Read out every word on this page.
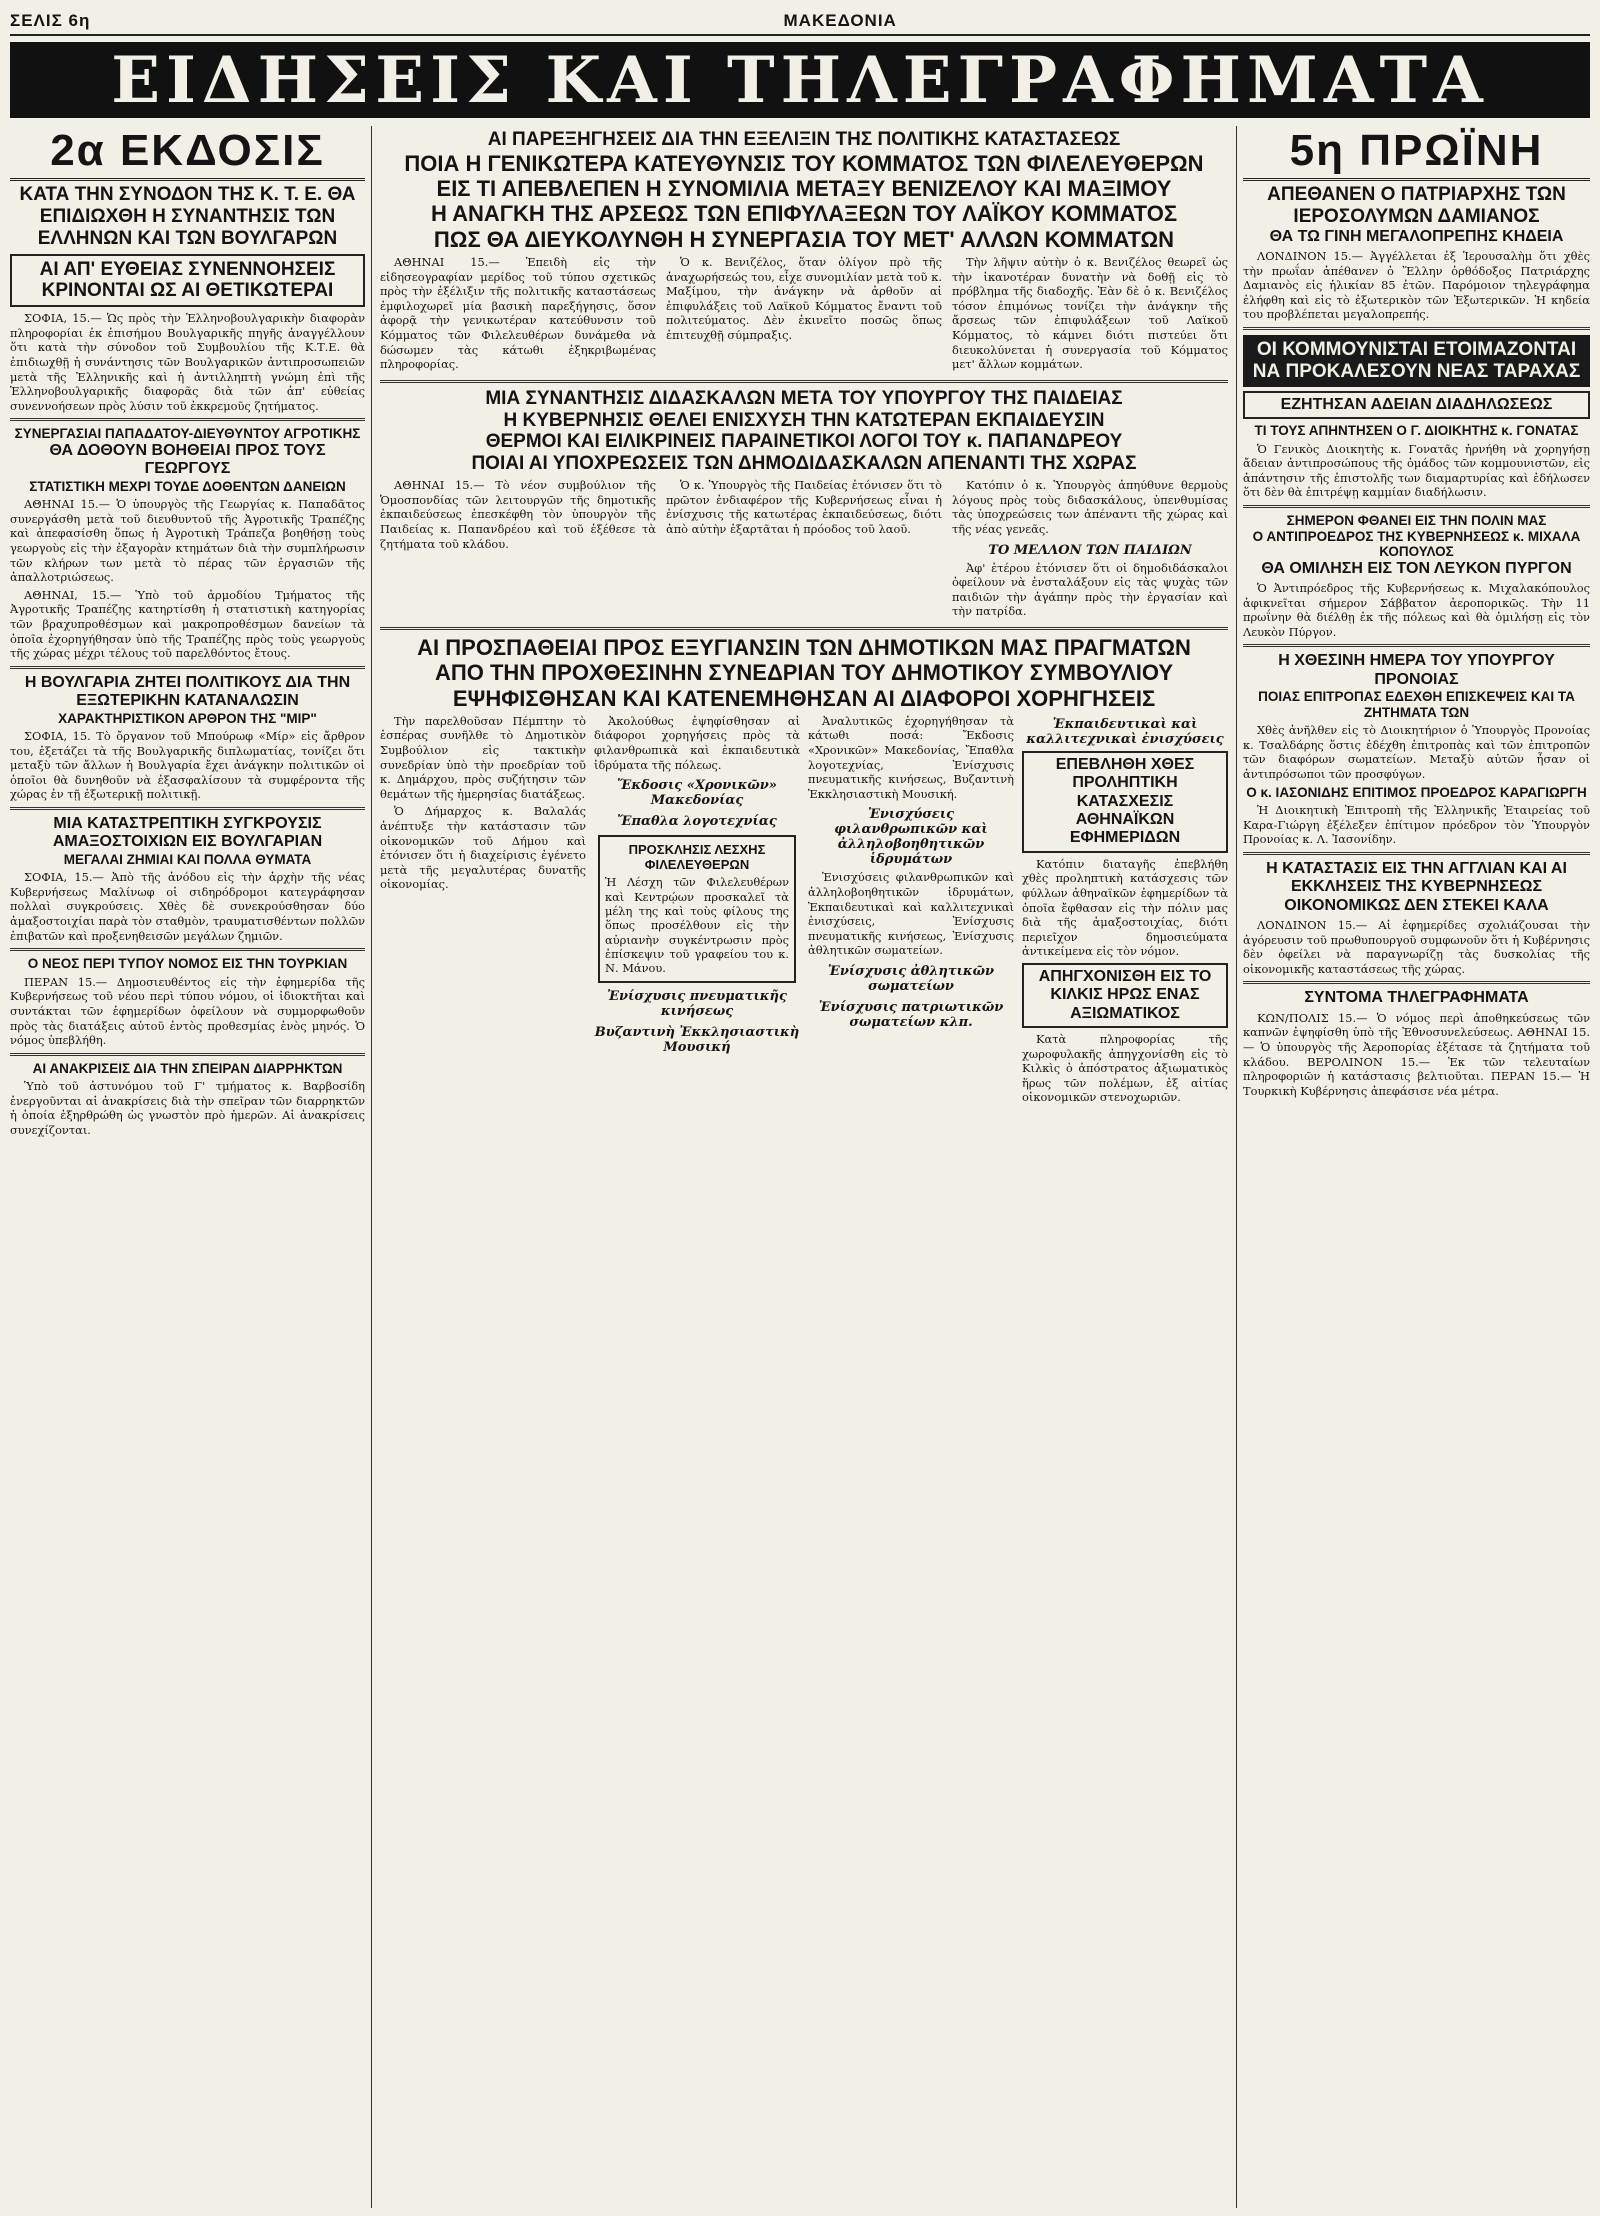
ΣΕΛΙΣ 6η	ΜΑΚΕΔΟΝΙΑ
ΕΙΔΗΣΕΙΣ ΚΑΙ ΤΗΛΕΓΡΑΦΗΜΑΤΑ
2α ΕΚΔΟΣΙΣ
ΚΑΤΑ ΤΗΝ ΣΥΝΟΔΟΝ ΤΗΣ Κ. Τ. Ε. ΘΑ ΕΠΙΔΙΩΧΘΗ Η ΣΥΝΑΝΤΗΣΙΣ ΤΩΝ ΕΛΛΗΝΩΝ ΚΑΙ ΤΩΝ ΒΟΥΛΓΑΡΩΝ
ΑΙ ΑΠ' ΕΥΘΕΙΑΣ ΣΥΝΕΝΝΟΗΣΕΙΣ ΚΡΙΝΟΝΤΑΙ ΩΣ ΑΙ ΘΕΤΙΚΩΤΕΡΑΙ

ΣΟΦΙΑ, 15.— Ὡς πρὸς τὴν Ἑλληνοβουλγαρικὴν διαφορὰν πληροφορίαι ἐκ ἐπισήμου Βουλγαρικῆς πηγῆς ἀναγγέλλουν ὅτι κατὰ τὴν σύνοδον τοῦ Συμβουλίου τῆς Κ.Τ.Ε. θὰ ἐπιδιωχθῇ ἡ συνάντησις τῶν Βουλγαρικῶν ἀντιπροσωπειῶν μετὰ τῆς Ἑλληνικῆς καὶ ἡ ἀντιλληπτὴ γνώμη ἐπὶ τῆς Ἑλληνοβουλγαρικῆς διαφορᾶς διὰ τῶν ἀπ' εὐθείας συνεννοήσεων πρὸς λύσιν τοῦ ἐκκρεμοῦς ζητήματος.

ΣΥΝΕΡΓΑΣΙΑΙ ΠΑΠΑΔΑΤΟΥ-ΔΙΕΥΘΥΝΤΟΥ ΑΓΡΟΤΙΚΗΣ
ΘΑ ΔΟΘΟΥΝ ΒΟΗΘΕΙΑΙ ΠΡΟΣ ΤΟΥΣ ΓΕΩΡΓΟΥΣ
ΣΤΑΤΙΣΤΙΚΗ ΜΕΧΡΙ ΤΟΥΔΕ ΔΟΘΕΝΤΩΝ ΔΑΝΕΙΩΝ

ΑΘΗΝΑΙ 15.— Ὁ ὑπουργὸς τῆς Γεωργίας κ. Παπαδᾶτος συνεργάσθη μετὰ τοῦ διευθυντοῦ τῆς Ἀγροτικῆς Τραπέζης καὶ ἀπεφασίσθη ὅπως ἡ Ἀγροτικὴ Τράπεζα βοηθήσῃ τοὺς γεωργοὺς εἰς τὴν ἐξαγορὰν κτημάτων διὰ τὴν συμπλήρωσιν τῶν κλήρων των μετὰ τὸ πέρας τῶν ἐργασιῶν τῆς ἀπαλλοτριώσεως.

ΑΘΗΝΑΙ, 15.— Ὑπὸ τοῦ ἀρμοδίου Τμήματος τῆς Ἀγροτικῆς Τραπέζης κατηρτίσθη ἡ στατιστικὴ κατηγορίας τῶν βραχυπροθέσμων καὶ μακροπροθέσμων δανείων τὰ ὁποῖα ἐχορηγήθησαν ὑπὸ τῆς Τραπέζης πρὸς τοὺς γεωργοὺς τῆς χώρας μέχρι τέλους τοῦ παρελθόντος ἔτους.

Η ΒΟΥΛΓΑΡΙΑ ΖΗΤΕΙ ΠΟΛΙΤΙΚΟΥΣ ΔΙΑ ΤΗΝ ΕΞΩΤΕΡΙΚΗΝ ΚΑΤΑΝΑΛΩΣΙΝ
ΧΑΡΑΚΤΗΡΙΣΤΙΚΟΝ ΑΡΘΡΟΝ ΤΗΣ "ΜΙΡ"

ΣΟΦΙΑ, 15. Τὸ ὄργανον τοῦ Μπούρωφ «Μίρ» εἰς ἄρθρον του, ἐξετάζει τὰ τῆς Βουλγαρικῆς διπλωματίας, τονίζει ὅτι μεταξὺ τῶν ἄλλων ἡ Βουλγαρία ἔχει ἀνάγκην πολιτικῶν οἱ ὁποῖοι θὰ δυνηθοῦν νὰ ἐξασφαλίσουν τὰ συμφέροντα τῆς χώρας ἐν τῇ ἐξωτερικῇ πολιτικῇ.

ΜΙΑ ΚΑΤΑΣΤΡΕΠΤΙΚΗ ΣΥΓΚΡΟΥΣΙΣ ΑΜΑΞΟΣΤΟΙΧΙΩΝ ΕΙΣ ΒΟΥΛΓΑΡΙΑΝ
ΜΕΓΑΛΑΙ ΖΗΜΙΑΙ ΚΑΙ ΠΟΛΛΑ ΘΥΜΑΤΑ

ΣΟΦΙΑ, 15.— Ἀπὸ τῆς ἀνόδου εἰς τὴν ἀρχὴν τῆς νέας Κυβερνήσεως Μαλίνωφ οἱ σιδηρόδρομοι κατεγράφησαν πολλαὶ συγκρούσεις. Χθὲς δὲ συνεκρούσθησαν δύο ἁμαξοστοιχίαι παρὰ τὸν σταθμὸν, τραυματισθέντων πολλῶν ἐπιβατῶν καὶ προξενηθεισῶν μεγάλων ζημιῶν.

Ο ΝΕΟΣ ΠΕΡΙ ΤΥΠΟΥ ΝΟΜΟΣ ΕΙΣ ΤΗΝ ΤΟΥΡΚΙΑΝ

ΠΕΡΑΝ 15.— Δημοσιευθέντος εἰς τὴν ἐφημερίδα τῆς Κυβερνήσεως τοῦ νέου περὶ τύπου νόμου, οἱ ἰδιοκτῆται καὶ συντάκται τῶν ἐφημερίδων ὀφείλουν νὰ συμμορφωθοῦν πρὸς τὰς διατάξεις αὐτοῦ ἐντὸς προθεσμίας ἑνὸς μηνός. Ὁ νόμος ὑπεβλήθη.

ΑΙ ΑΝΑΚΡΙΣΕΙΣ ΔΙΑ ΤΗΝ ΣΠΕΙΡΑΝ ΔΙΑΡΡΗΚΤΩΝ

Ὑπὸ τοῦ ἀστυνόμου τοῦ Γ' τμήματος κ. Βαρβοσίδη ἐνεργοῦνται αἱ ἀνακρίσεις διὰ τὴν σπεῖραν τῶν διαρρηκτῶν ἡ ὁποία ἐξηρθρώθη ὡς γνωστὸν πρὸ ἡμερῶν. Αἱ ἀνακρίσεις συνεχίζονται.

ΑΙ ΠΑΡΕΞΗΓΗΣΕΙΣ ΔΙΑ ΤΗΝ ΕΞΕΛΙΞΙΝ ΤΗΣ ΠΟΛΙΤΙΚΗΣ ΚΑΤΑΣΤΑΣΕΩΣ
ΠΟΙΑ Η ΓΕΝΙΚΩΤΕΡΑ ΚΑΤΕΥΘΥΝΣΙΣ ΤΟΥ ΚΟΜΜΑΤΟΣ ΤΩΝ ΦΙΛΕΛΕΥΘΕΡΩΝ
ΕΙΣ ΤΙ ΑΠΕΒΛΕΠΕΝ Η ΣΥΝΟΜΙΛΙΑ ΜΕΤΑΞΥ ΒΕΝΙΖΕΛΟΥ ΚΑΙ ΜΑΞΙΜΟΥ
Η ΑΝΑΓΚΗ ΤΗΣ ΑΡΣΕΩΣ ΤΩΝ ΕΠΙΦΥΛΑΞΕΩΝ ΤΟΥ ΛΑΪΚΟΥ ΚΟΜΜΑΤΟΣ
ΠΩΣ ΘΑ ΔΙΕΥΚΟΛΥΝΘΗ Η ΣΥΝΕΡΓΑΣΙΑ ΤΟΥ ΜΕΤ' ΑΛΛΩΝ ΚΟΜΜΑΤΩΝ

ΑΘΗΝΑΙ 15.— Ἐπειδὴ εἰς τὴν εἰδησεογραφίαν μερίδος τοῦ τύπου σχετικῶς πρὸς τὴν ἐξέλιξιν τῆς πολιτικῆς καταστάσεως ἐμφιλοχωρεῖ μία βασικὴ παρεξήγησις, ὅσον ἀφορᾷ τὴν γενικωτέραν κατεύθυνσιν τοῦ Κόμματος τῶν Φιλελευθέρων δυνάμεθα νὰ δώσωμεν τὰς κάτωθι ἐξηκριβωμένας πληροφορίας.

Ὁ κ. Βενιζέλος, ὅταν ὀλίγον πρὸ τῆς ἀναχωρήσεώς του, εἶχε συνομιλίαν μετὰ τοῦ κ. Μαξίμου, τὴν ἀνάγκην νὰ ἀρθοῦν αἱ ἐπιφυλάξεις τοῦ Λαϊκοῦ Κόμματος ἔναντι τοῦ πολιτεύματος. Δὲν ἐκινεῖτο ποσῶς ὅπως ἐπιτευχθῇ σύμπραξις.

Τὴν λῆψιν αὐτὴν ὁ κ. Βενιζέλος θεωρεῖ ὡς τὴν ἱκανοτέραν δυνατὴν νὰ δοθῇ εἰς τὸ πρόβλημα τῆς διαδοχῆς. Ἐὰν δὲ ὁ κ. Βενιζέλος τόσον ἐπιμόνως τονίζει τὴν ἀνάγκην τῆς ἄρσεως τῶν ἐπιφυλάξεων τοῦ Λαϊκοῦ Κόμματος, τὸ κάμνει διότι πιστεύει ὅτι διευκολύνεται ἡ συνεργασία τοῦ Κόμματος μετ' ἄλλων κομμάτων.

ΜΙΑ ΣΥΝΑΝΤΗΣΙΣ ΔΙΔΑΣΚΑΛΩΝ ΜΕΤΑ ΤΟΥ ΥΠΟΥΡΓΟΥ ΤΗΣ ΠΑΙΔΕΙΑΣ
Η ΚΥΒΕΡΝΗΣΙΣ ΘΕΛΕΙ ΕΝΙΣΧΥΣΗ ΤΗΝ ΚΑΤΩΤΕΡΑΝ ΕΚΠΑΙΔΕΥΣΙΝ
ΘΕΡΜΟΙ ΚΑΙ ΕΙΛΙΚΡΙΝΕΙΣ ΠΑΡΑΙΝΕΤΙΚΟΙ ΛΟΓΟΙ ΤΟΥ κ. ΠΑΠΑΝΔΡΕΟΥ
ΠΟΙΑΙ ΑΙ ΥΠΟΧΡΕΩΣΕΙΣ ΤΩΝ ΔΗΜΟΔΙΔΑΣΚΑΛΩΝ ΑΠΕΝΑΝΤΙ ΤΗΣ ΧΩΡΑΣ

ΑΘΗΝΑΙ 15.— Τὸ νέον συμβούλιον τῆς Ὁμοσπονδίας τῶν λειτουργῶν τῆς δημοτικῆς ἐκπαιδεύσεως ἐπεσκέφθη τὸν ὑπουργὸν τῆς Παιδείας κ. Παπανδρέου καὶ τοῦ ἐξέθεσε τὰ ζητήματα τοῦ κλάδου.

Ὁ κ. Ὑπουργὸς τῆς Παιδείας ἐτόνισεν ὅτι τὸ πρῶτον ἐνδιαφέρον τῆς Κυβερνήσεως εἶναι ἡ ἐνίσχυσις τῆς κατωτέρας ἐκπαιδεύσεως, διότι ἀπὸ αὐτὴν ἐξαρτᾶται ἡ πρόοδος τοῦ λαοῦ.

Κατόπιν ὁ κ. Ὑπουργὸς ἀπηύθυνε θερμοὺς λόγους πρὸς τοὺς διδασκάλους, ὑπενθυμίσας τὰς ὑποχρεώσεις των ἀπέναντι τῆς χώρας καὶ τῆς νέας γενεᾶς.

ΤΟ ΜΕΛΛΟΝ ΤΩΝ ΠΑΙΔΙΩΝ

Ἀφ' ἑτέρου ἐτόνισεν ὅτι οἱ δημοδιδάσκαλοι ὀφείλουν νὰ ἐνσταλάξουν εἰς τὰς ψυχὰς τῶν παιδιῶν τὴν ἀγάπην πρὸς τὴν ἐργασίαν καὶ τὴν πατρίδα.

ΑΙ ΠΡΟΣΠΑΘΕΙΑΙ ΠΡΟΣ ΕΞΥΓΙΑΝΣΙΝ ΤΩΝ ΔΗΜΟΤΙΚΩΝ ΜΑΣ ΠΡΑΓΜΑΤΩΝ
ΑΠΟ ΤΗΝ ΠΡΟΧΘΕΣΙΝΗΝ ΣΥΝΕΔΡΙΑΝ ΤΟΥ ΔΗΜΟΤΙΚΟΥ ΣΥΜΒΟΥΛΙΟΥ
ΕΨΗΦΙΣΘΗΣΑΝ ΚΑΙ ΚΑΤΕΝΕΜΗΘΗΣΑΝ ΑΙ ΔΙΑΦΟΡΟΙ ΧΟΡΗΓΗΣΕΙΣ

Τὴν παρελθοῦσαν Πέμπτην τὸ ἑσπέρας συνῆλθε τὸ Δημοτικὸν Συμβούλιον εἰς τακτικὴν συνεδρίαν ὑπὸ τὴν προεδρίαν τοῦ κ. Δημάρχου, πρὸς συζήτησιν τῶν θεμάτων τῆς ἡμερησίας διατάξεως.

Ὁ Δήμαρχος κ. Βαλαλάς ἀνέπτυξε τὴν κατάστασιν τῶν οἰκονομικῶν τοῦ Δήμου καὶ ἐτόνισεν ὅτι ἡ διαχείρισις ἐγένετο μετὰ τῆς μεγαλυτέρας δυνατῆς οἰκονομίας.

Ἀκολούθως ἐψηφίσθησαν αἱ διάφοροι χορηγήσεις πρὸς τὰ φιλανθρωπικὰ καὶ ἐκπαιδευτικὰ ἱδρύματα τῆς πόλεως.

Ἔκδοσις «Χρονικῶν» Μακεδονίας
Ἔπαθλα λογοτεχνίας
ΠΡΟΣΚΛΗΣΙΣ ΛΕΣΧΗΣ ΦΙΛΕΛΕΥΘΕΡΩΝ
Ἡ Λέσχη τῶν Φιλελευθέρων καὶ Κεντρῴων προσκαλεῖ τὰ μέλη της καὶ τοὺς φίλους της ὅπως προσέλθουν εἰς τὴν αὐριανὴν συγκέντρωσιν πρὸς ἐπίσκεψιν τοῦ γραφείου του κ. Ν. Μάνου.
Ἐνίσχυσις πνευματικῆς κινήσεως
Βυζαντινὴ Ἐκκλησιαστικὴ Μουσική

Ἀναλυτικῶς ἐχορηγήθησαν τὰ κάτωθι ποσά: Ἔκδοσις «Χρονικῶν» Μακεδονίας, Ἔπαθλα λογοτεχνίας, Ἐνίσχυσις πνευματικῆς κινήσεως, Βυζαντινὴ Ἐκκλησιαστικὴ Μουσική.

Ἐνισχύσεις φιλανθρωπικῶν καὶ ἀλληλοβοηθητικῶν ἱδρυμάτων

Ἐνισχύσεις φιλανθρωπικῶν καὶ ἀλληλοβοηθητικῶν ἱδρυμάτων, Ἐκπαιδευτικαὶ καὶ καλλιτεχνικαὶ ἐνισχύσεις, Ἐνίσχυσις πνευματικῆς κινήσεως, Ἐνίσχυσις ἀθλητικῶν σωματείων.

Ἐνίσχυσις ἀθλητικῶν σωματείων
Ἐνίσχυσις πατριωτικῶν σωματείων κλπ.
Ἐκπαιδευτικαὶ καὶ καλλιτεχνικαὶ ἐνισχύσεις
ΕΠΕΒΛΗΘΗ ΧΘΕΣ ΠΡΟΛΗΠΤΙΚΗ ΚΑΤΑΣΧΕΣΙΣ ΑΘΗΝΑΪΚΩΝ ΕΦΗΜΕΡΙΔΩΝ

Κατόπιν διαταγῆς ἐπεβλήθη χθὲς προληπτικὴ κατάσχεσις τῶν φύλλων ἀθηναϊκῶν ἐφημερίδων τὰ ὁποῖα ἔφθασαν εἰς τὴν πόλιν μας διὰ τῆς ἁμαξοστοιχίας, διότι περιεῖχον δημοσιεύματα ἀντικείμενα εἰς τὸν νόμον.

ΑΠΗΓΧΟΝΙΣΘΗ ΕΙΣ ΤΟ ΚΙΛΚΙΣ ΗΡΩΣ ΕΝΑΣ ΑΞΙΩΜΑΤΙΚΟΣ

Κατὰ πληροφορίας τῆς χωροφυλακῆς ἀπηγχονίσθη εἰς τὸ Κιλκὶς ὁ ἀπόστρατος ἀξιωματικὸς ἥρως τῶν πολέμων, ἐξ αἰτίας οἰκονομικῶν στενοχωριῶν.

5η ΠΡΩΪΝΗ
ΑΠΕΘΑΝΕΝ Ο ΠΑΤΡΙΑΡΧΗΣ ΤΩΝ ΙΕΡΟΣΟΛΥΜΩΝ ΔΑΜΙΑΝΟΣ
ΘΑ ΤΩ ΓΙΝΗ ΜΕΓΑΛΟΠΡΕΠΗΣ ΚΗΔΕΙΑ

ΛΟΝΔΙΝΟΝ 15.— Ἀγγέλλεται ἐξ Ἱερουσαλὴμ ὅτι χθὲς τὴν πρωΐαν ἀπέθανεν ὁ Ἕλλην ὀρθόδοξος Πατριάρχης Δαμιανὸς εἰς ἡλικίαν 85 ἐτῶν. Παρόμοιον τηλεγράφημα ἐλήφθη καὶ εἰς τὸ ἐξωτερικὸν τῶν Ἑξωτερικῶν. Ἡ κηδεία του προβλέπεται μεγαλοπρεπής.

ΟΙ ΚΟΜΜΟΥΝΙΣΤΑΙ ΕΤΟΙΜΑΖΟΝΤΑΙ ΝΑ ΠΡΟΚΑΛΕΣΟΥΝ ΝΕΑΣ ΤΑΡΑΧΑΣ
ΕΖΗΤΗΣΑΝ ΑΔΕΙΑΝ ΔΙΑΔΗΛΩΣΕΩΣ
ΤΙ ΤΟΥΣ ΑΠΗΝΤΗΣΕΝ Ο Γ. ΔΙΟΙΚΗΤΗΣ κ. ΓΟΝΑΤΑΣ

Ὁ Γενικὸς Διοικητὴς κ. Γονατᾶς ἠρνήθη νὰ χορηγήσῃ ἄδειαν ἀντιπροσώπους τῆς ὁμάδος τῶν κομμουνιστῶν, εἰς ἀπάντησιν τῆς ἐπιστολῆς των διαμαρτυρίας καὶ ἐδήλωσεν ὅτι δὲν θὰ ἐπιτρέψῃ καμμίαν διαδήλωσιν.

ΣΗΜΕΡΟΝ ΦΘΑΝΕΙ ΕΙΣ ΤΗΝ ΠΟΛΙΝ ΜΑΣ
Ο ΑΝΤΙΠΡΟΕΔΡΟΣ ΤΗΣ ΚΥΒΕΡΝΗΣΕΩΣ κ. ΜΙΧΑΛΑ ΚΟΠΟΥΛΟΣ
ΘΑ ΟΜΙΛΗΣΗ ΕΙΣ ΤΟΝ ΛΕΥΚΟΝ ΠΥΡΓΟΝ

Ὁ Ἀντιπρόεδρος τῆς Κυβερνήσεως κ. Μιχαλακόπουλος ἀφικνεῖται σήμερον Σάββατον ἀεροπορικῶς. Τὴν 11 πρωΐνην θὰ διέλθῃ ἐκ τῆς πόλεως καὶ θὰ ὁμιλήσῃ εἰς τὸν Λευκὸν Πύργον.

Η ΧΘΕΣΙΝΗ ΗΜΕΡΑ ΤΟΥ ΥΠΟΥΡΓΟΥ ΠΡΟΝΟΙΑΣ
ΠΟΙΑΣ ΕΠΙΤΡΟΠΑΣ ΕΔΕΧΘΗ ΕΠΙΣΚΕΨΕΙΣ ΚΑΙ ΤΑ ΖΗΤΗΜΑΤΑ ΤΩΝ

Χθὲς ἀνῆλθεν εἰς τὸ Διοικητήριον ὁ Ὑπουργὸς Προνοίας κ. Τσαλδάρης ὅστις ἐδέχθη ἐπιτροπὰς καὶ τῶν ἐπιτροπῶν τῶν διαφόρων σωματείων. Μεταξὺ αὐτῶν ἦσαν οἱ ἀντιπρόσωποι τῶν προσφύγων.

Ο κ. ΙΑΣΟΝΙΔΗΣ ΕΠΙΤΙΜΟΣ ΠΡΟΕΔΡΟΣ ΚΑΡΑΓΙΩΡΓΗ

Ἡ Διοικητικὴ Ἐπιτροπὴ τῆς Ἑλληνικῆς Ἑταιρείας τοῦ Καρα-Γιώργη ἐξέλεξεν ἐπίτιμον πρόεδρον τὸν Ὑπουργὸν Προνοίας κ. Λ. Ἰασονίδην.

Η ΚΑΤΑΣΤΑΣΙΣ ΕΙΣ ΤΗΝ ΑΓΓΛΙΑΝ ΚΑΙ ΑΙ ΕΚΚΛΗΣΕΙΣ ΤΗΣ ΚΥΒΕΡΝΗΣΕΩΣ
ΟΙΚΟΝΟΜΙΚΩΣ ΔΕΝ ΣΤΕΚΕΙ ΚΑΛΑ

ΛΟΝΔΙΝΟΝ 15.— Αἱ ἐφημερίδες σχολιάζουσαι τὴν ἀγόρευσιν τοῦ πρωθυπουργοῦ συμφωνοῦν ὅτι ἡ Κυβέρνησις δὲν ὀφείλει νὰ παραγνωρίζῃ τὰς δυσκολίας τῆς οἰκονομικῆς καταστάσεως τῆς χώρας.

ΣΥΝΤΟΜΑ ΤΗΛΕΓΡΑΦΗΜΑΤΑ

ΚΩΝ/ΠΟΛΙΣ 15.— Ὁ νόμος περὶ ἀποθηκεύσεως τῶν καπνῶν ἐψηφίσθη ὑπὸ τῆς Ἐθνοσυνελεύσεως. ΑΘΗΝΑΙ 15.— Ὁ ὑπουργὸς τῆς Ἀεροπορίας ἐξέτασε τὰ ζητήματα τοῦ κλάδου. ΒΕΡΟΛΙΝΟΝ 15.— Ἐκ τῶν τελευταίων πληροφοριῶν ἡ κατάστασις βελτιοῦται. ΠΕΡΑΝ 15.— Ἡ Τουρκικὴ Κυβέρνησις ἀπεφάσισε νέα μέτρα.
